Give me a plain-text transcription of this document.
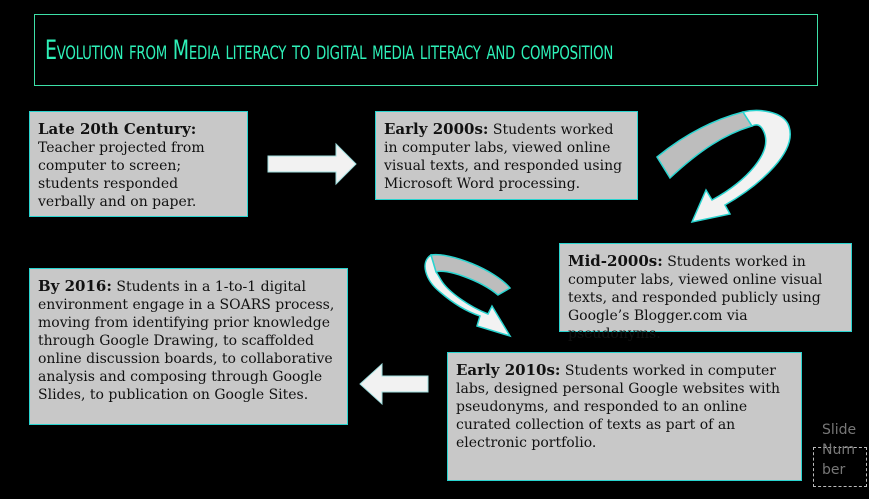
Evolution from Media literacy to digital media literacy and composition
Late 20th Century:
Teacher projected from computer to screen; students responded verbally and on paper.
Early 2000s: Students worked in computer labs, viewed online visual texts, and responded using Microsoft Word processing.
Mid-2000s: Students worked in computer labs, viewed online visual texts, and responded publicly using Google’s Blogger.com via pseudonyms.
By 2016: Students in a 1-to-1 digital environment engage in a SOARS process, moving from identifying prior knowledge through Google Drawing, to scaffolded online discussion boards, to collaborative analysis and composing through Google Slides, to publication on Google Sites.
Early 2010s: Students worked in computer labs, designed personal Google websites with pseudonyms, and responded to an online curated collection of texts as part of an electronic portfolio.
Slide Number
